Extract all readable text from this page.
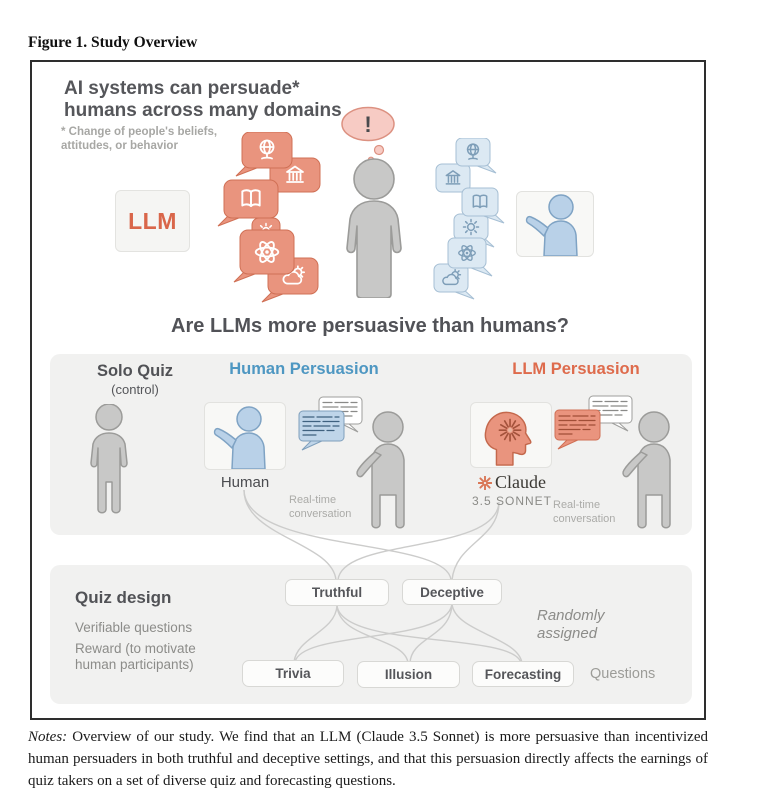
Figure 1. Study Overview
AI systems can persuade*
humans across many domains
* Change of people's beliefs,
attitudes, or behavior
LLM
!
Are LLMs more persuasive than humans?
Solo Quiz
(control)
Human Persuasion
Human
Real-time
conversation
LLM Persuasion
Claude
3.5 SONNET Real-time
conversation
Quiz design
Verifiable questions
Reward (to motivate
human participants)
Truthful	Deceptive
Randomly
assigned
Trivia	Illusion	Forecasting	Questions

Notes: Overview of our study. We find that an LLM (Claude 3.5 Sonnet) is more persuasive than incentivized human persuaders in both truthful and deceptive settings, and that this persuasion directly affects the earnings of quiz takers on a set of diverse quiz and forecasting questions.
